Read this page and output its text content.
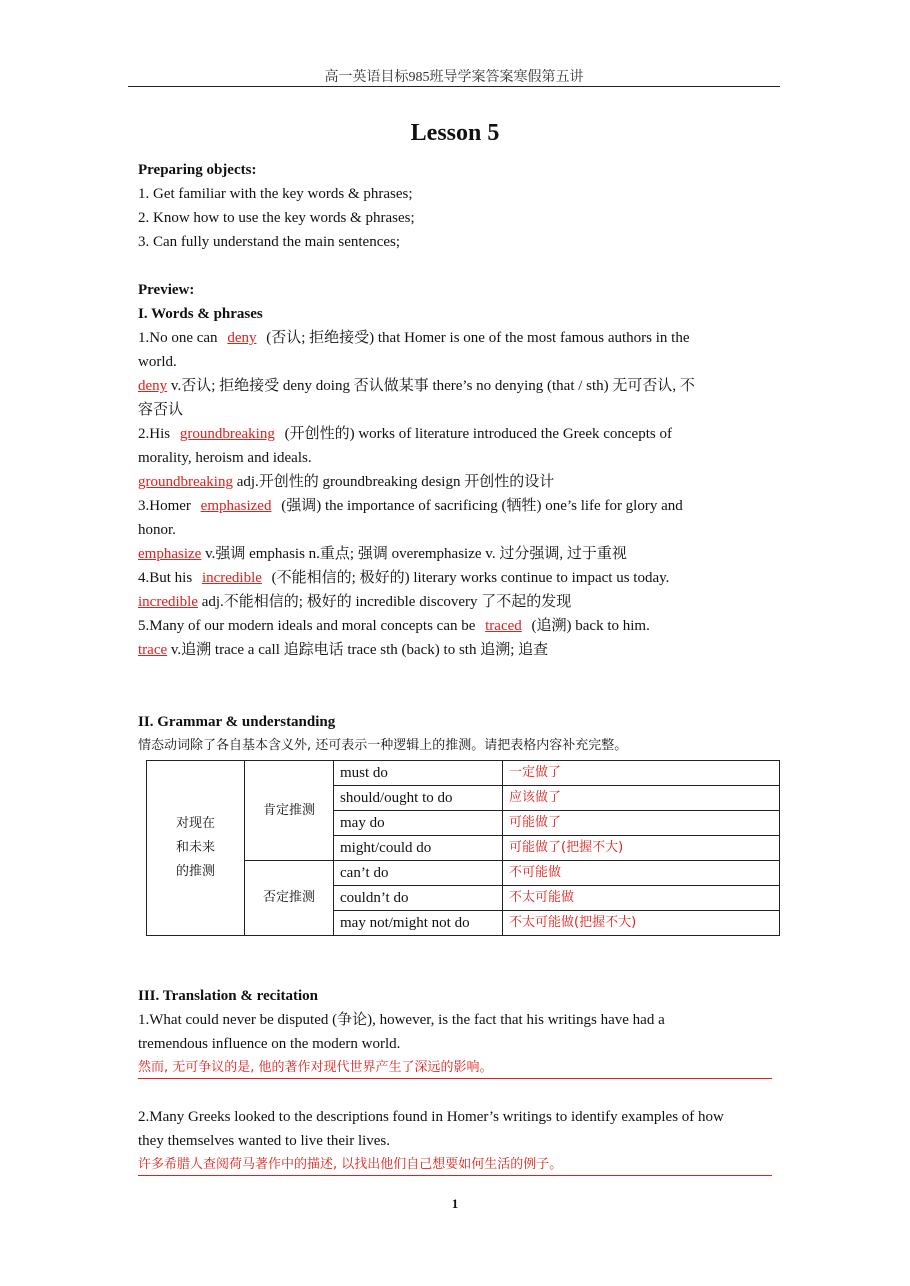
高一英语目标985班导学案答案寒假第五讲
Lesson 5
Preparing objects:
1. Get familiar with the key words & phrases;
2. Know how to use the key words & phrases;
3. Can fully understand the main sentences;
Preview:
I. Words & phrases
1.No one can deny (否认; 拒绝接受) that Homer is one of the most famous authors in the
world.
deny v.否认; 拒绝接受 deny doing 否认做某事 there’s no denying (that / sth) 无可否认, 不
容否认
2.His groundbreaking (开创性的) works of literature introduced the Greek concepts of
morality, heroism and ideals.
groundbreaking adj.开创性的 groundbreaking design 开创性的设计
3.Homer emphasized (强调) the importance of sacrificing (牺牲) one’s life for glory and
honor.
emphasize v.强调 emphasis n.重点; 强调 overemphasize v. 过分强调, 过于重视
4.But his incredible (不能相信的; 极好的) literary works continue to impact us today.
incredible adj.不能相信的; 极好的 incredible discovery 了不起的发现
5.Many of our modern ideals and moral concepts can be traced (追溯) back to him.
trace v.追溯 trace a call 追踪电话 trace sth (back) to sth 追溯; 追查
II. Grammar & understanding
情态动词除了各自基本含义外, 还可表示一种逻辑上的推测。请把表格内容补充完整。
对现在
和未来
的推测	肯定推测	must do	一定做了
		should/ought to do	应该做了
		may do	可能做了
		might/could do	可能做了(把握不大)
	否定推测	can’t do	不可能做
		couldn’t do	不太可能做
		may not/might not do	不太可能做(把握不大)
III. Translation & recitation
1.What could never be disputed (争论), however, is the fact that his writings have had a
tremendous influence on the modern world.
然而, 无可争议的是, 他的著作对现代世界产生了深远的影响。
2.Many Greeks looked to the descriptions found in Homer’s writings to identify examples of how
they themselves wanted to live their lives.
许多希腊人查阅荷马著作中的描述, 以找出他们自己想要如何生活的例子。
1
